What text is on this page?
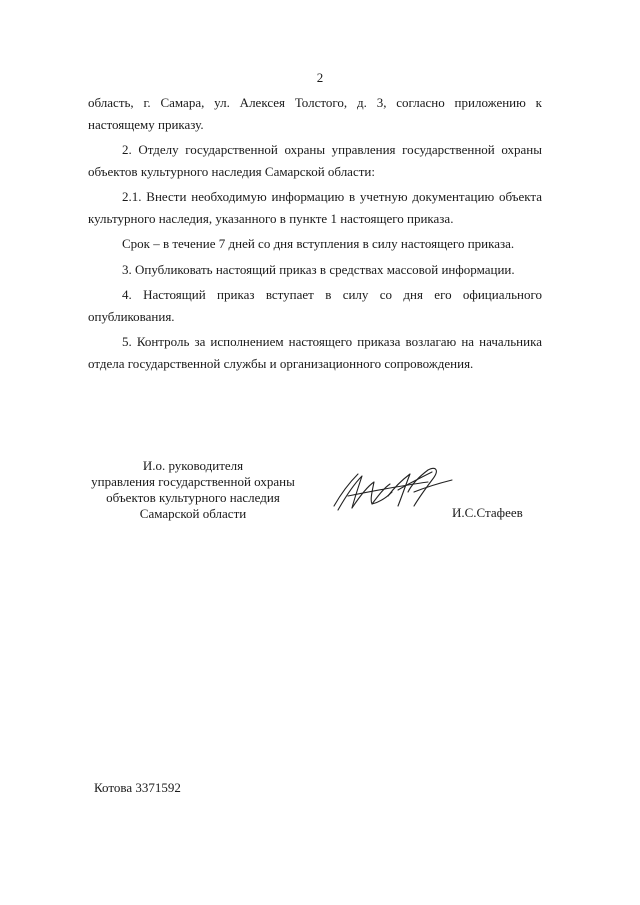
2

область, г. Самара, ул. Алексея Толстого, д. 3, согласно приложению к настоящему приказу.

2. Отделу государственной охраны управления государственной охраны объектов культурного наследия Самарской области:

2.1. Внести необходимую информацию в учетную документацию объекта культурного наследия, указанного в пункте 1 настоящего приказа.

Срок – в течение 7 дней со дня вступления в силу настоящего приказа.

3. Опубликовать настоящий приказ в средствах массовой информации.

4. Настоящий приказ вступает в силу со дня его официального опубликования.

5. Контроль за исполнением настоящего приказа возлагаю на начальника отдела государственной службы и организационного сопровождения.

И.о. руководителя
управления государственной охраны
объектов культурного наследия
Самарской области	И.С.Стафеев
Котова 3371592
